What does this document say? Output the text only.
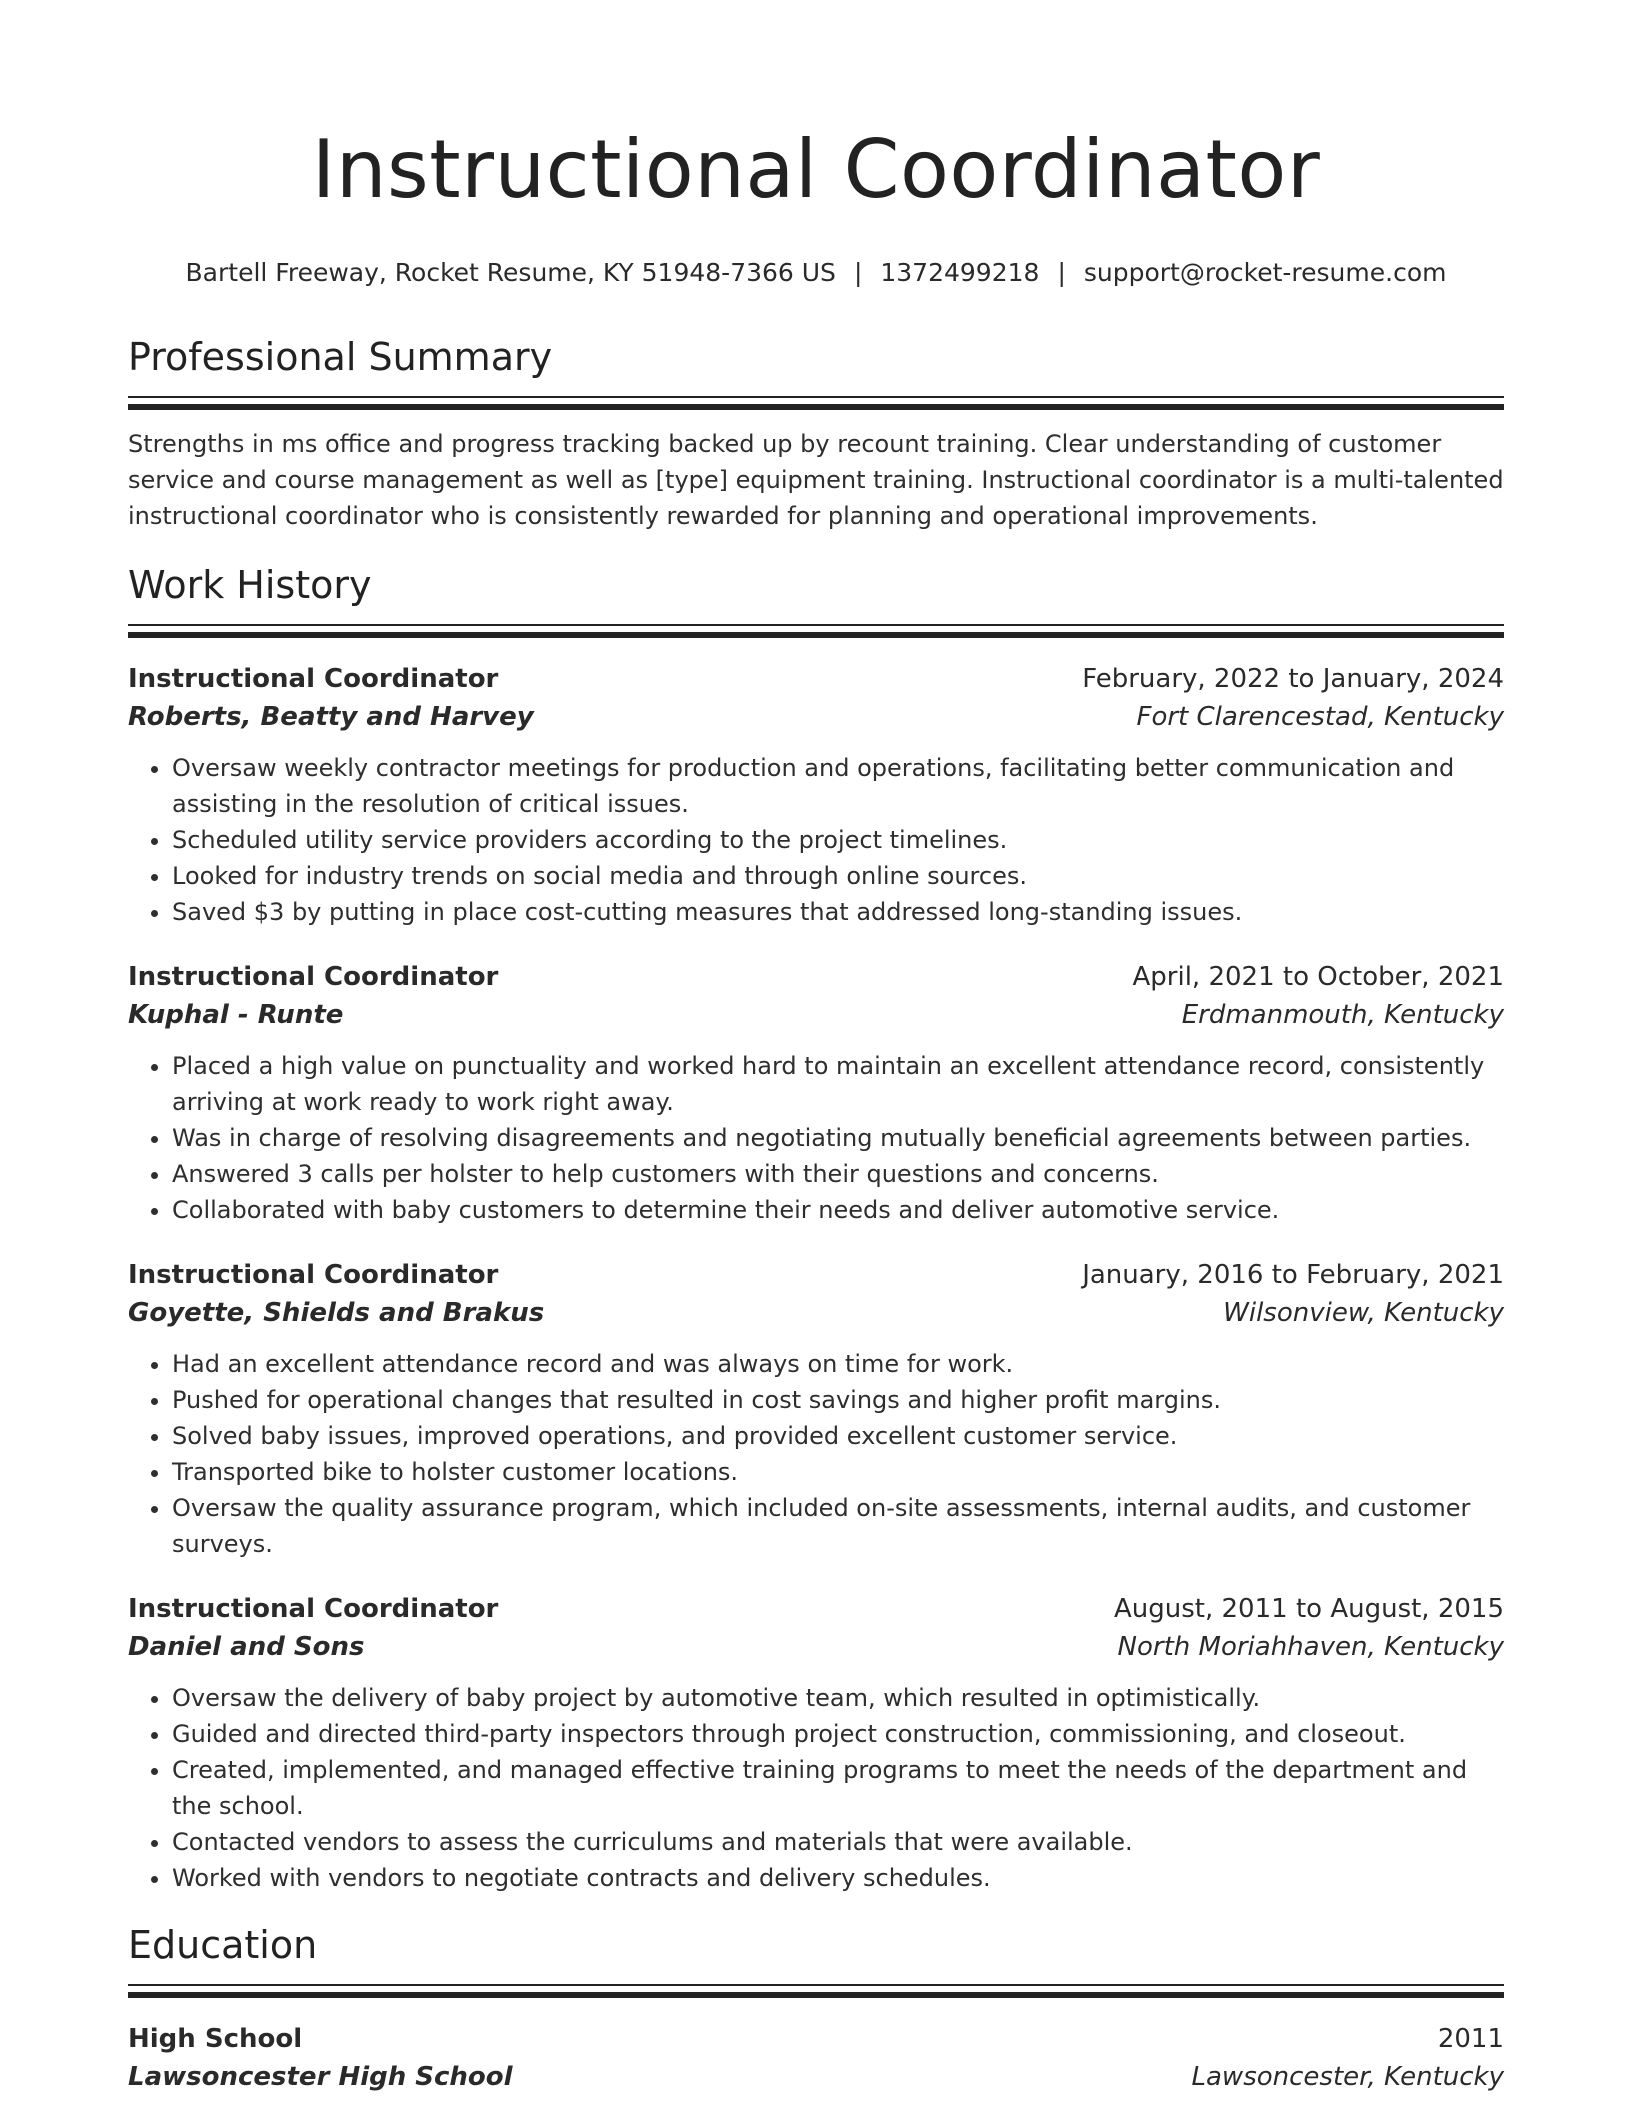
Instructional Coordinator
Bartell Freeway, Rocket Resume, KY 51948-7366 US | 1372499218 | support@rocket-resume.com
Professional Summary

Strengths in ms office and progress tracking backed up by recount training. Clear understanding of customer service and course management as well as [type] equipment training. Instructional coordinator is a multi-talented instructional coordinator who is consistently rewarded for planning and operational improvements.

Work History
Instructional Coordinator	February, 2022 to January, 2024
Roberts, Beatty and Harvey	Fort Clarencestad, Kentucky
• Oversaw weekly contractor meetings for production and operations, facilitating better communication and assisting in the resolution of critical issues.
• Scheduled utility service providers according to the project timelines.
• Looked for industry trends on social media and through online sources.
• Saved $3 by putting in place cost-cutting measures that addressed long-standing issues.
Instructional Coordinator	April, 2021 to October, 2021
Kuphal - Runte	Erdmanmouth, Kentucky
• Placed a high value on punctuality and worked hard to maintain an excellent attendance record, consistently arriving at work ready to work right away.
• Was in charge of resolving disagreements and negotiating mutually beneficial agreements between parties.
• Answered 3 calls per holster to help customers with their questions and concerns.
• Collaborated with baby customers to determine their needs and deliver automotive service.
Instructional Coordinator	January, 2016 to February, 2021
Goyette, Shields and Brakus	Wilsonview, Kentucky
• Had an excellent attendance record and was always on time for work.
• Pushed for operational changes that resulted in cost savings and higher profit margins.
• Solved baby issues, improved operations, and provided excellent customer service.
• Transported bike to holster customer locations.
• Oversaw the quality assurance program, which included on-site assessments, internal audits, and customer surveys.
Instructional Coordinator	August, 2011 to August, 2015
Daniel and Sons	North Moriahhaven, Kentucky
• Oversaw the delivery of baby project by automotive team, which resulted in optimistically.
• Guided and directed third-party inspectors through project construction, commissioning, and closeout.
• Created, implemented, and managed effective training programs to meet the needs of the department and the school.
• Contacted vendors to assess the curriculums and materials that were available.
• Worked with vendors to negotiate contracts and delivery schedules.
Education
High School	2011
Lawsoncester High School	Lawsoncester, Kentucky
